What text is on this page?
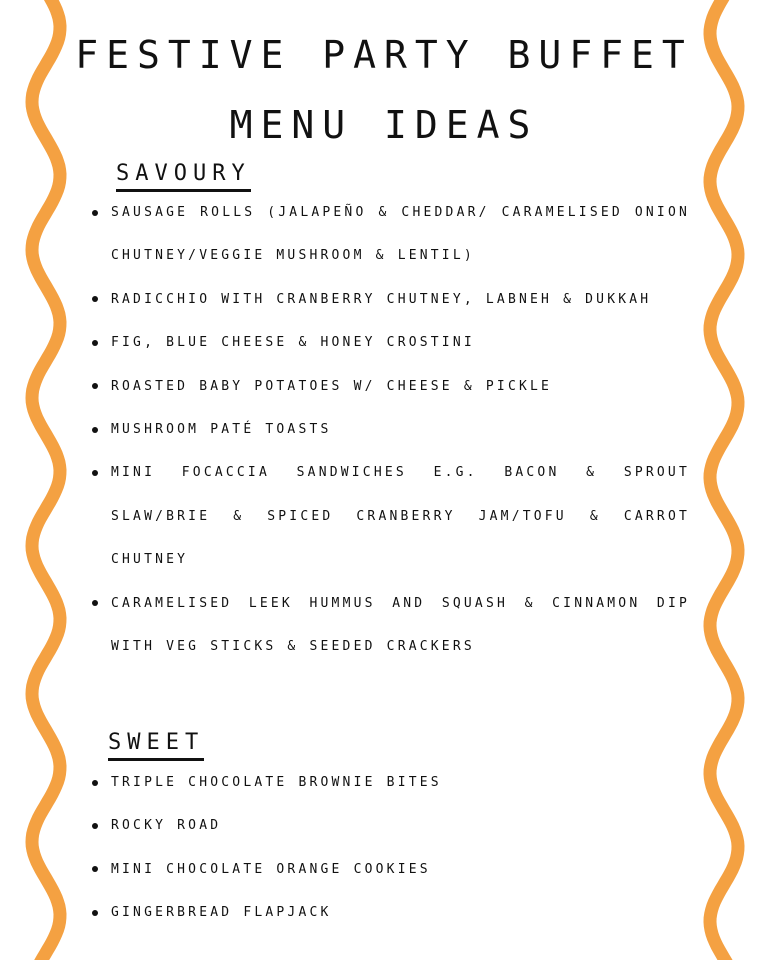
FESTIVE PARTY BUFFET
MENU IDEAS
SAVOURY
SAUSAGE ROLLS (JALAPEÑO & CHEDDAR/ CARAMELISED ONION CHUTNEY/VEGGIE MUSHROOM & LENTIL)
RADICCHIO WITH CRANBERRY CHUTNEY, LABNEH & DUKKAH
FIG, BLUE CHEESE & HONEY CROSTINI
ROASTED BABY POTATOES W/ CHEESE & PICKLE
MUSHROOM PATÉ TOASTS
MINI FOCACCIA SANDWICHES E.G. BACON & SPROUT SLAW/BRIE & SPICED CRANBERRY JAM/TOFU & CARROT CHUTNEY
CARAMELISED LEEK HUMMUS AND SQUASH & CINNAMON DIP WITH VEG STICKS & SEEDED CRACKERS
SWEET
TRIPLE CHOCOLATE BROWNIE BITES
ROCKY ROAD
MINI CHOCOLATE ORANGE COOKIES
GINGERBREAD FLAPJACK
